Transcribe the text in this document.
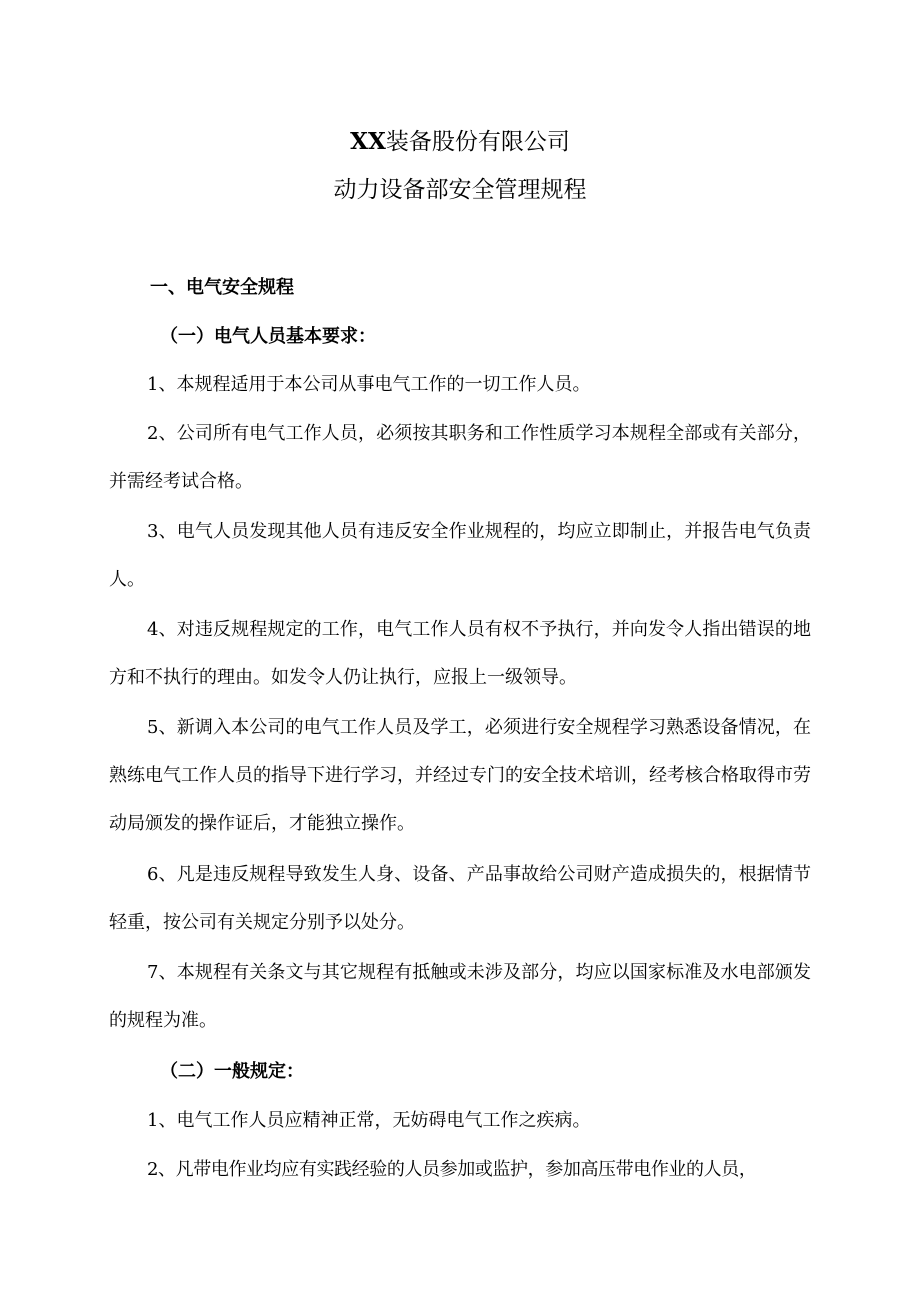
XX装备股份有限公司
动力设备部安全管理规程
一、电气安全规程
（一）电气人员基本要求：

1、本规程适用于本公司从事电气工作的一切工作人员。

2、公司所有电气工作人员，必须按其职务和工作性质学习本规程全部或有关部分，并需经考试合格。

3、电气人员发现其他人员有违反安全作业规程的，均应立即制止，并报告电气负责人。

4、对违反规程规定的工作，电气工作人员有权不予执行，并向发令人指出错误的地方和不执行的理由。如发令人仍让执行，应报上一级领导。

5、新调入本公司的电气工作人员及学工，必须进行安全规程学习熟悉设备情况，在熟练电气工作人员的指导下进行学习，并经过专门的安全技术培训，经考核合格取得市劳动局颁发的操作证后，才能独立操作。

6、凡是违反规程导致发生人身、设备、产品事故给公司财产造成损失的，根据情节轻重，按公司有关规定分别予以处分。

7、本规程有关条文与其它规程有抵触或未涉及部分，均应以国家标准及水电部颁发的规程为准。

（二）一般规定：

1、电气工作人员应精神正常，无妨碍电气工作之疾病。

2、凡带电作业均应有实践经验的人员参加或监护，参加高压带电作业的人员，
